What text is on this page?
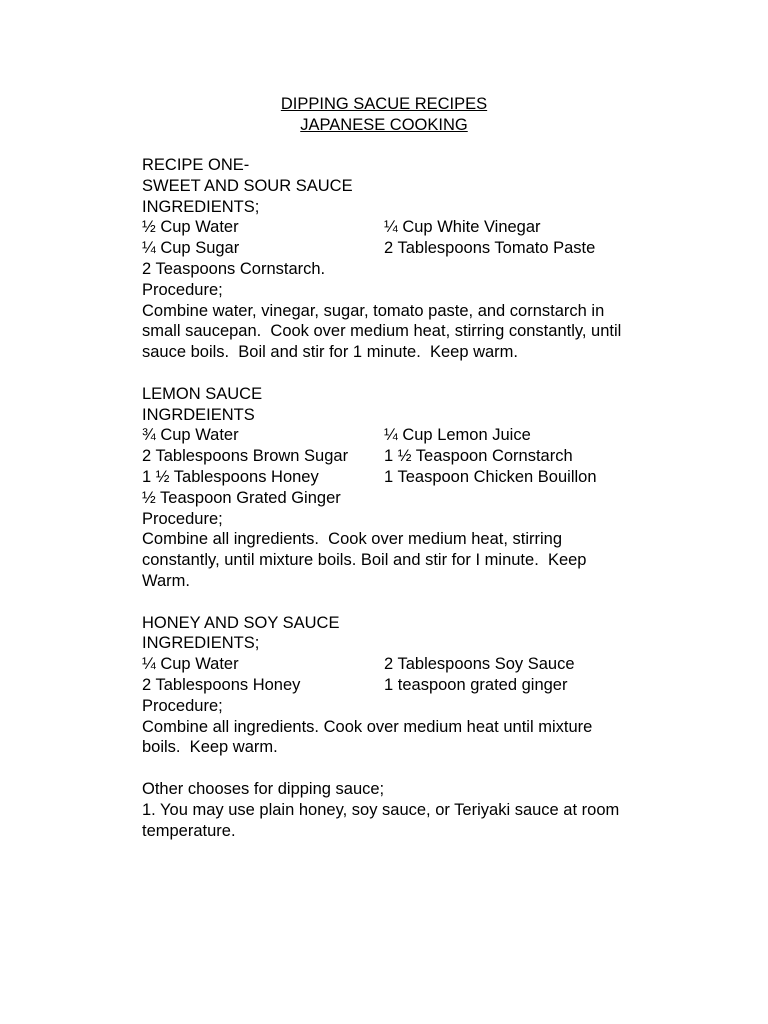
DIPPING SACUE RECIPES
JAPANESE COOKING
RECIPE ONE-
SWEET AND SOUR SAUCE
INGREDIENTS;
½ Cup Water	¼ Cup White Vinegar
¼ Cup Sugar	2 Tablespoons Tomato Paste
2 Teaspoons Cornstarch.
Procedure;
Combine water, vinegar, sugar, tomato paste, and cornstarch in
small saucepan.  Cook over medium heat, stirring constantly, until
sauce boils.  Boil and stir for 1 minute.  Keep warm.
LEMON SAUCE
INGRDEIENTS
¾ Cup Water	¼ Cup Lemon Juice
2 Tablespoons Brown Sugar	1 ½ Teaspoon Cornstarch
1 ½ Tablespoons Honey	1 Teaspoon Chicken Bouillon
½ Teaspoon Grated Ginger
Procedure;
Combine all ingredients.  Cook over medium heat, stirring
constantly, until mixture boils. Boil and stir for I minute.  Keep
Warm.
HONEY AND SOY SAUCE
INGREDIENTS;
¼ Cup Water	2 Tablespoons Soy Sauce
2 Tablespoons Honey	1 teaspoon grated ginger
Procedure;
Combine all ingredients. Cook over medium heat until mixture
boils.  Keep warm.
Other chooses for dipping sauce;
1. You may use plain honey, soy sauce, or Teriyaki sauce at room
temperature.
